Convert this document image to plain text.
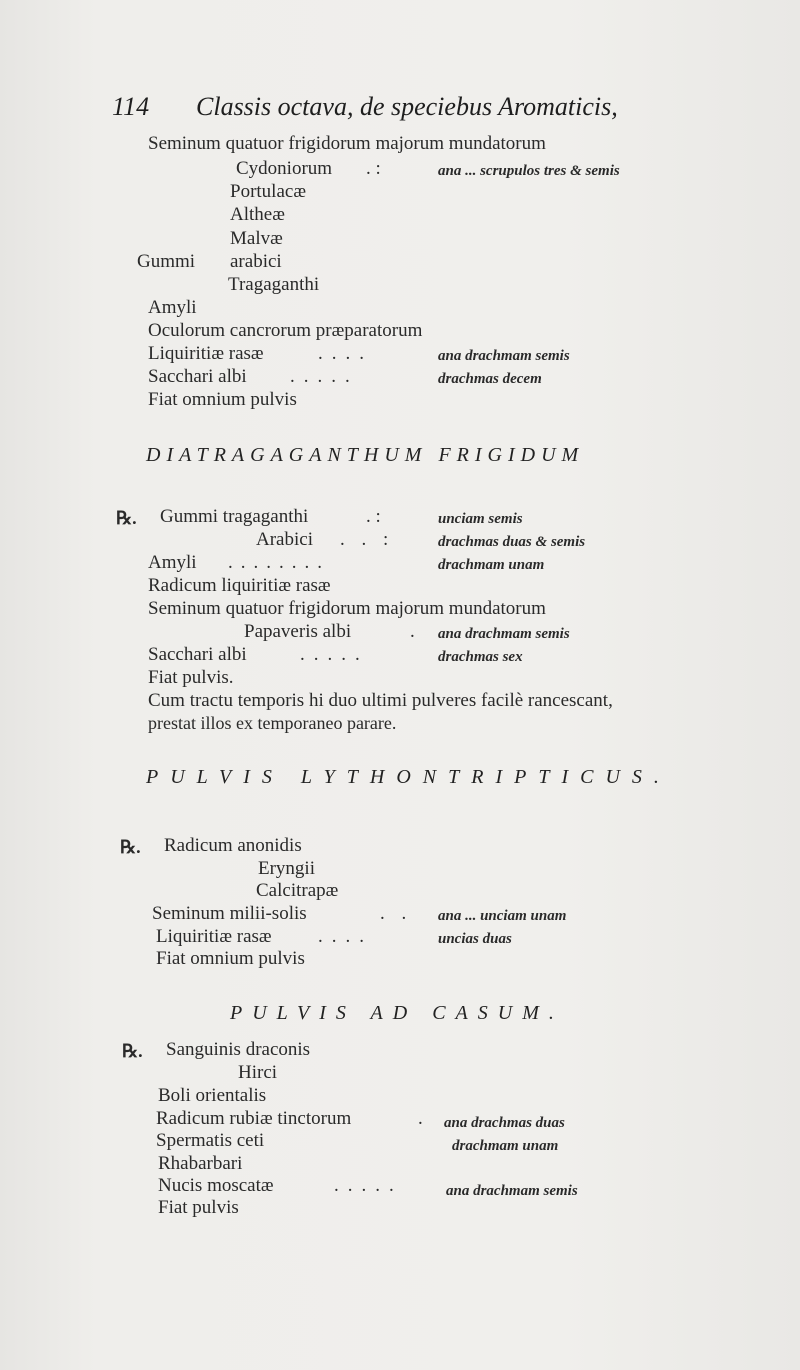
114 Classis octava, de speciebus Aromaticis,
Seminum quatuor frigidorum majorum mundatorum
Cydoniorum . :	ana ... scrupulos tres & semis
Portulacæ
Altheæ
Malvæ
Gummi arabici
Tragaganthi
Amyli
Oculorum cancrorum præparatorum
Liquiritiæ rasæ	....	ana drachmam semis
Sacchari albi .....	drachmas decem
Fiat omnium pulvis
DIATRAGAGANTHUM FRIGIDUM
℞. Gummi tragaganthi	. :	unciam semis
Arabici . . :	drachmas duas & semis
Amyli ........	drachmam unam
Radicum liquiritiæ rasæ
Seminum quatuor frigidorum majorum mundatorum
Papaveris albi	. ana drachmam semis
Sacchari albi	.....	drachmas sex
Fiat pulvis.
Cum tractu temporis hi duo ultimi pulveres facilè rancescant,
prestat illos ex temporaneo parare.
PULVIS LYTHONTRIPTICUS.
℞. Radicum anonidis
Eryngii
Calcitrapæ
Seminum milii-solis	. . ana ... unciam unam
Liquiritiæ rasæ ....	uncias duas
Fiat omnium pulvis
PULVIS AD CASUM.
℞. Sanguinis draconis
Hirci
Boli orientalis
Radicum rubiæ tinctorum	. ana drachmas duas
Spermatis ceti	drachmam unam
Rhabarbari
Nucis moscatæ	.....	ana drachmam semis
Fiat pulvis
